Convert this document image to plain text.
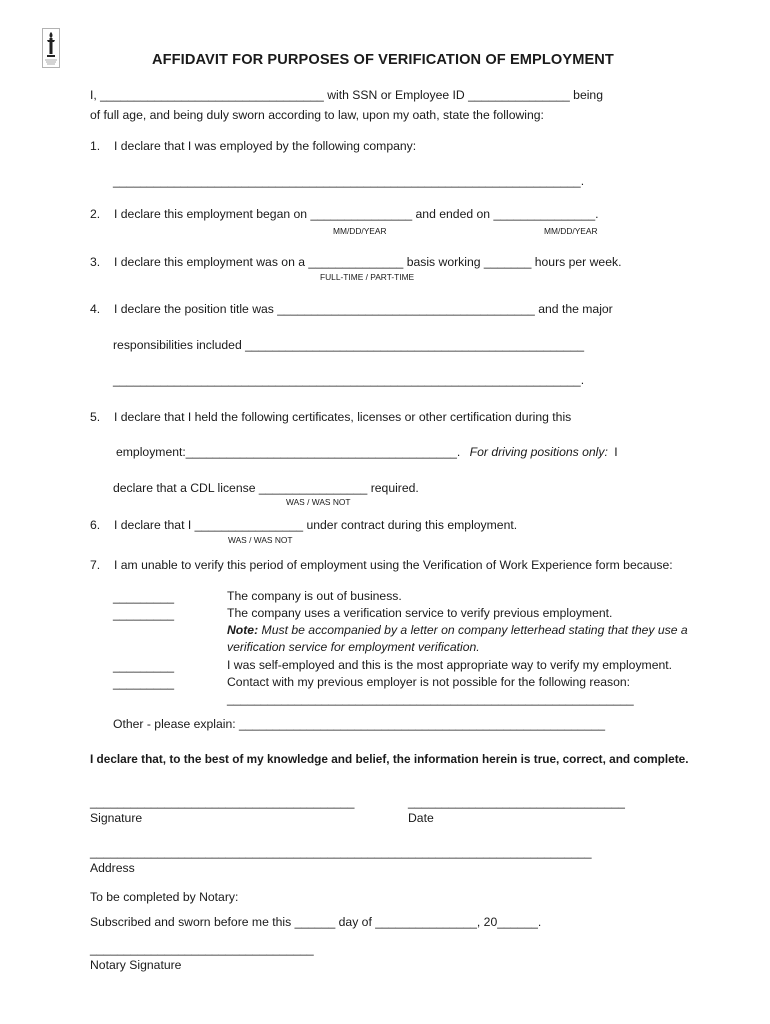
AFFIDAVIT FOR PURPOSES OF VERIFICATION OF EMPLOYMENT
I, _________________________________ with SSN or Employee ID _______________ being
of full age, and being duly sworn according to law, upon my oath, state the following:
1. I declare that I was employed by the following company:
_____________________________________________________________________.
2. I declare this employment began on _______________ and ended on _______________.
MM/DD/YEAR	MM/DD/YEAR
3. I declare this employment was on a ______________ basis working _______ hours per week.
FULL-TIME / PART-TIME
4. I declare the position title was ______________________________________ and the major
responsibilities included __________________________________________________
_____________________________________________________________________.
5. I declare that I held the following certificates, licenses or other certification during this
employment:________________________________________. For driving positions only: I
declare that a CDL license ________________ required.
WAS / WAS NOT
6. I declare that I ________________ under contract during this employment.
WAS / WAS NOT
7. I am unable to verify this period of employment using the Verification of Work Experience form because:
_________	The company is out of business.
_________	The company uses a verification service to verify previous employment.
Note: Must be accompanied by a letter on company letterhead stating that they use a
verification service for employment verification.
_________	I was self-employed and this is the most appropriate way to verify my employment.
_________	Contact with my previous employer is not possible for the following reason:
____________________________________________________________
Other - please explain: ______________________________________________________
I declare that, to the best of my knowledge and belief, the information herein is true, correct, and complete.
_______________________________________
Signature
________________________________
Date
__________________________________________________________________________
Address
To be completed by Notary:
Subscribed and sworn before me this ______ day of _______________, 20______.
_________________________________
Notary Signature
